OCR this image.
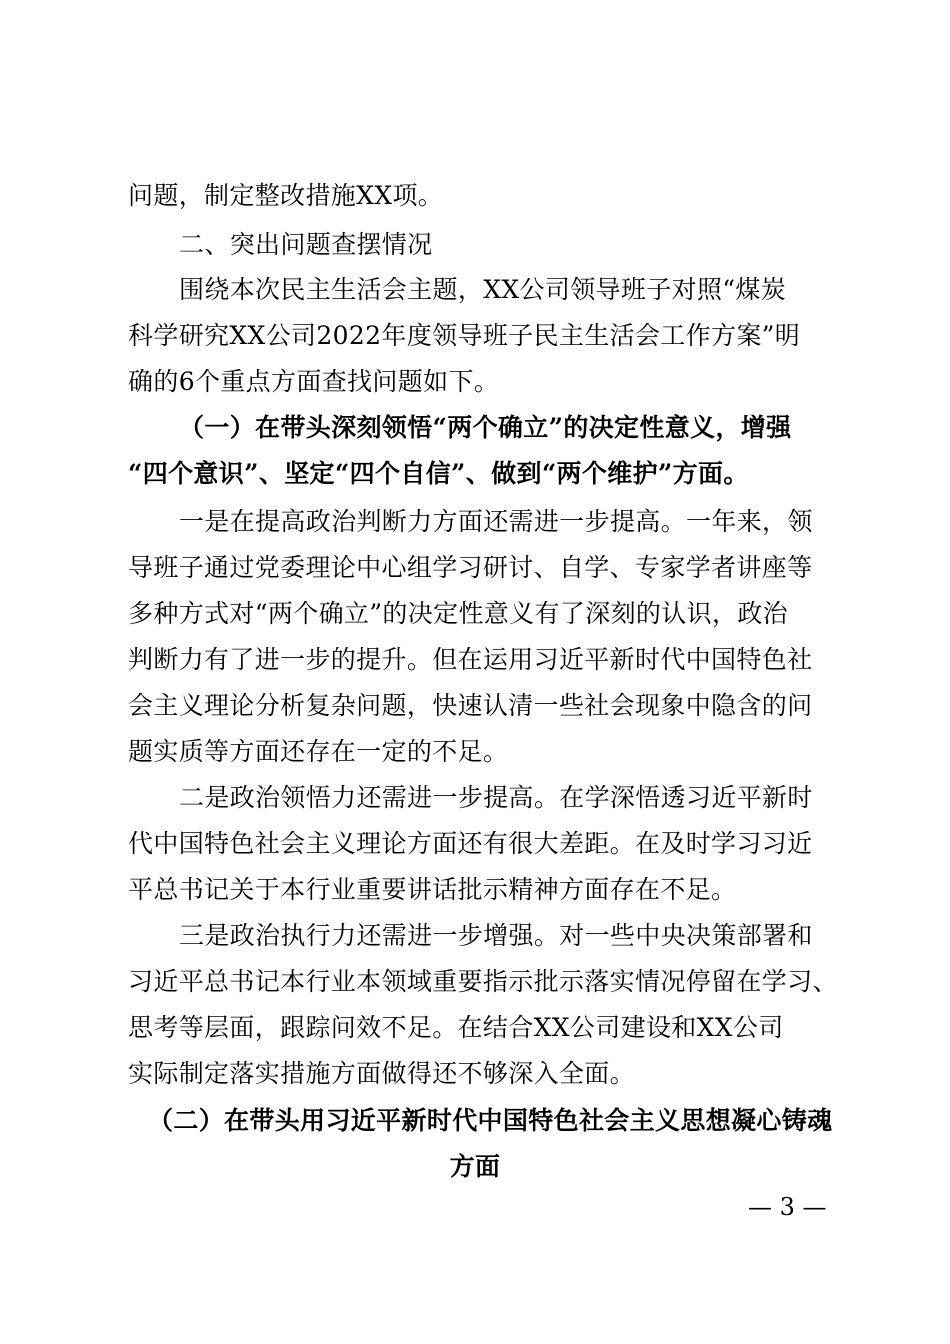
问题，制定整改措施XX项。
二、突出问题查摆情况
围绕本次民主生活会主题，XX公司领导班子对照“煤炭
科学研究XX公司2022年度领导班子民主生活会工作方案”明
确的6个重点方面查找问题如下。
（一）在带头深刻领悟“两个确立”的决定性意义，增强
“四个意识”、坚定“四个自信”、做到“两个维护”方面。
一是在提高政治判断力方面还需进一步提高。一年来，领
导班子通过党委理论中心组学习研讨、自学、专家学者讲座等
多种方式对“两个确立”的决定性意义有了深刻的认识，政治
判断力有了进一步的提升。但在运用习近平新时代中国特色社
会主义理论分析复杂问题，快速认清一些社会现象中隐含的问
题实质等方面还存在一定的不足。
二是政治领悟力还需进一步提高。在学深悟透习近平新时
代中国特色社会主义理论方面还有很大差距。在及时学习习近
平总书记关于本行业重要讲话批示精神方面存在不足。
三是政治执行力还需进一步增强。对一些中央决策部署和
习近平总书记本行业本领域重要指示批示落实情况停留在学习、
思考等层面，跟踪问效不足。在结合XX公司建设和XX公司
实际制定落实措施方面做得还不够深入全面。
（二）在带头用习近平新时代中国特色社会主义思想凝心铸魂
方面
— 3 —
